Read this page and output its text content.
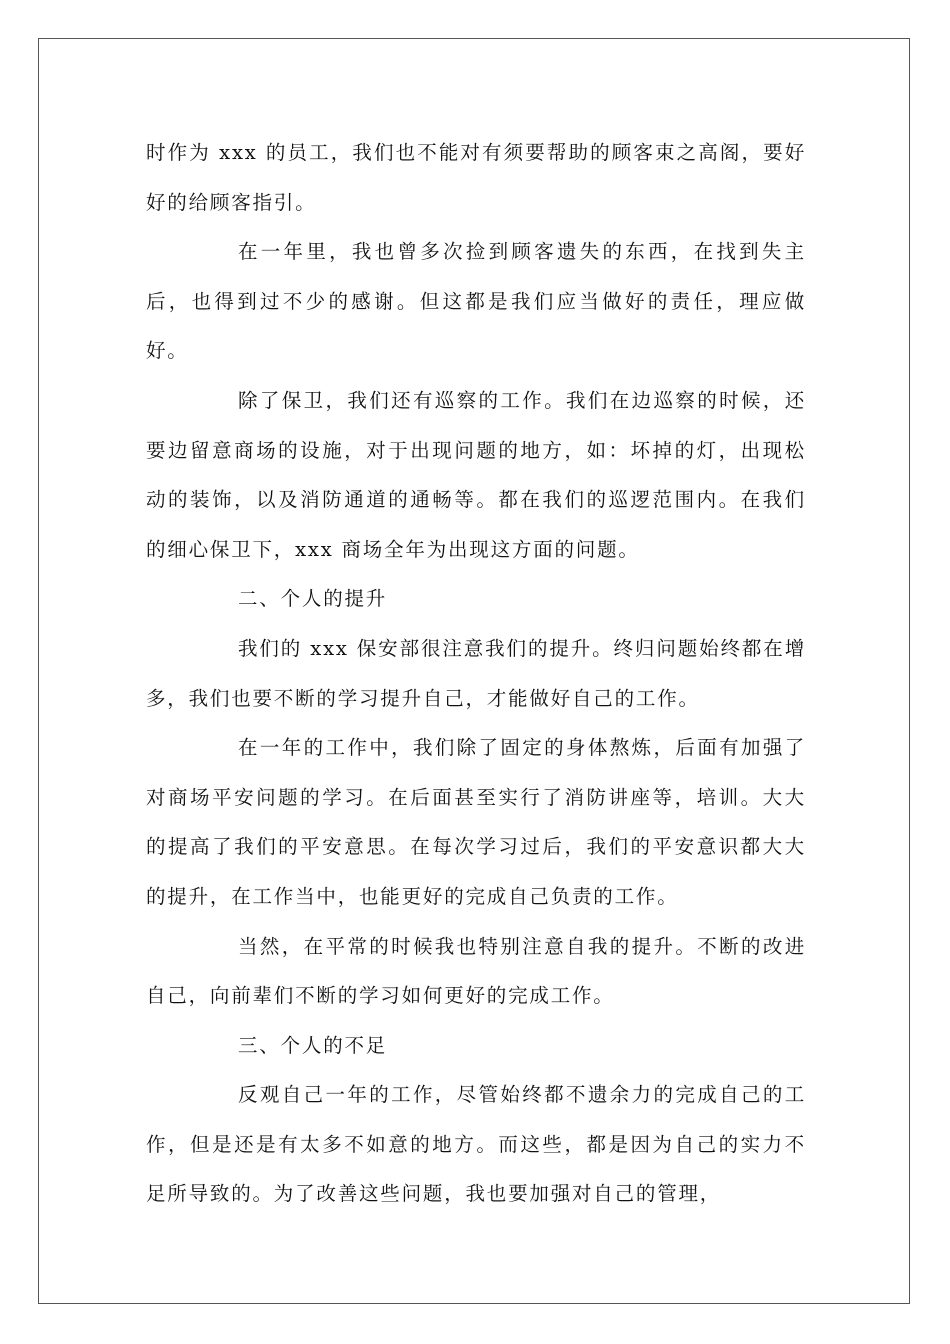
时作为 xxx 的员工，我们也不能对有须要帮助的顾客束之高阁，要好好的给顾客指引。

在一年里，我也曾多次捡到顾客遗失的东西，在找到失主后，也得到过不少的感谢。但这都是我们应当做好的责任，理应做好。

除了保卫，我们还有巡察的工作。我们在边巡察的时候，还要边留意商场的设施，对于出现问题的地方，如：坏掉的灯，出现松动的装饰，以及消防通道的通畅等。都在我们的巡逻范围内。在我们的细心保卫下，xxx 商场全年为出现这方面的问题。

二、个人的提升

我们的 xxx 保安部很注意我们的提升。终归问题始终都在增多，我们也要不断的学习提升自己，才能做好自己的工作。

在一年的工作中，我们除了固定的身体熬炼，后面有加强了对商场平安问题的学习。在后面甚至实行了消防讲座等，培训。大大的提高了我们的平安意思。在每次学习过后，我们的平安意识都大大的提升，在工作当中，也能更好的完成自己负责的工作。

当然，在平常的时候我也特别注意自我的提升。不断的改进自己，向前辈们不断的学习如何更好的完成工作。

三、个人的不足

反观自己一年的工作，尽管始终都不遗余力的完成自己的工作，但是还是有太多不如意的地方。而这些，都是因为自己的实力不足所导致的。为了改善这些问题，我也要加强对自己的管理，
